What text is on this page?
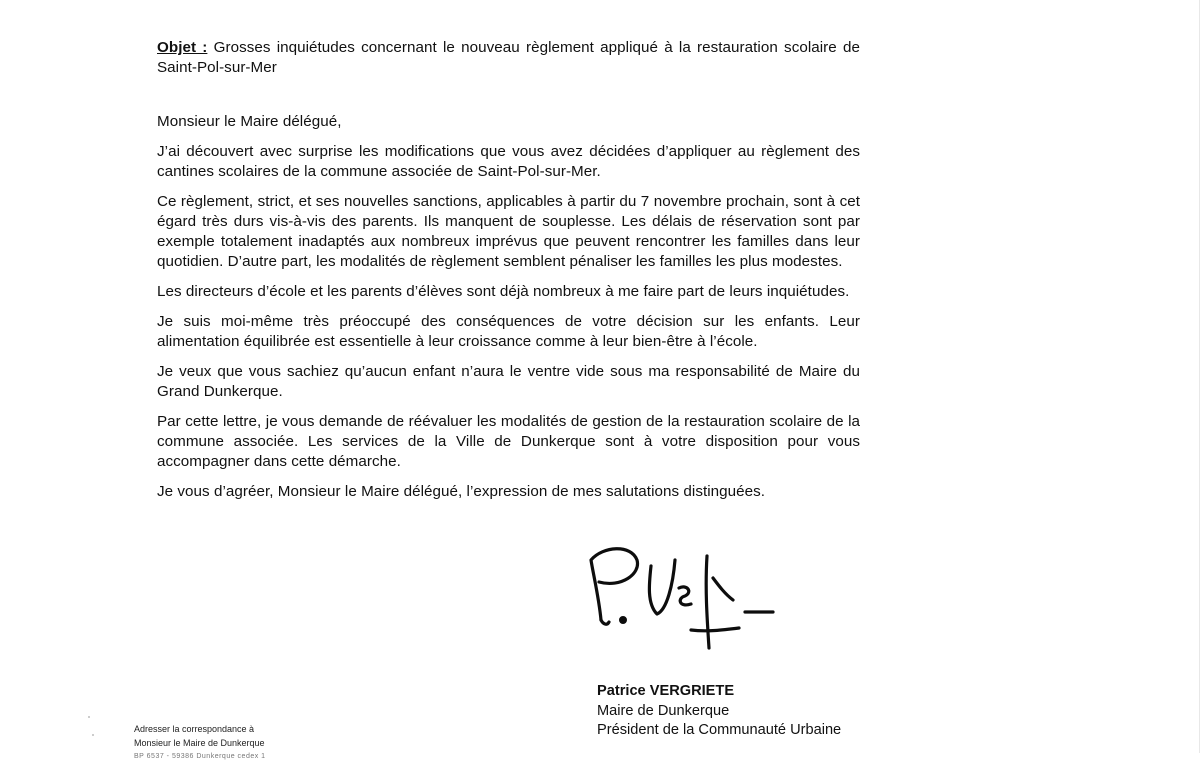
Objet : Grosses inquiétudes concernant le nouveau règlement appliqué à la restauration scolaire de Saint-Pol-sur-Mer

Monsieur le Maire délégué,

J’ai découvert avec surprise les modifications que vous avez décidées d’appliquer au règlement des cantines scolaires de la commune associée de Saint-Pol-sur-Mer.

Ce règlement, strict, et ses nouvelles sanctions, applicables à partir du 7 novembre prochain, sont à cet égard très durs vis-à-vis des parents. Ils manquent de souplesse. Les délais de réservation sont par exemple totalement inadaptés aux nombreux imprévus que peuvent rencontrer les familles dans leur quotidien. D’autre part, les modalités de règlement semblent pénaliser les familles les plus modestes.

Les directeurs d’école et les parents d’élèves sont déjà nombreux à me faire part de leurs inquiétudes.

Je suis moi-même très préoccupé des conséquences de votre décision sur les enfants. Leur alimentation équilibrée est essentielle à leur croissance comme à leur bien-être à l’école.

Je veux que vous sachiez qu’aucun enfant n’aura le ventre vide sous ma responsabilité de Maire du Grand Dunkerque.

Par cette lettre, je vous demande de réévaluer les modalités de gestion de la restauration scolaire de la commune associée. Les services de la Ville de Dunkerque sont à votre disposition pour vous accompagner dans cette démarche.

Je vous d’agréer, Monsieur le Maire délégué, l’expression de mes salutations distinguées.

Patrice VERGRIETE
Maire de Dunkerque
Président de la Communauté Urbaine
Adresser la correspondance à
Monsieur le Maire de Dunkerque
BP 6537 - 59386 Dunkerque cedex 1
